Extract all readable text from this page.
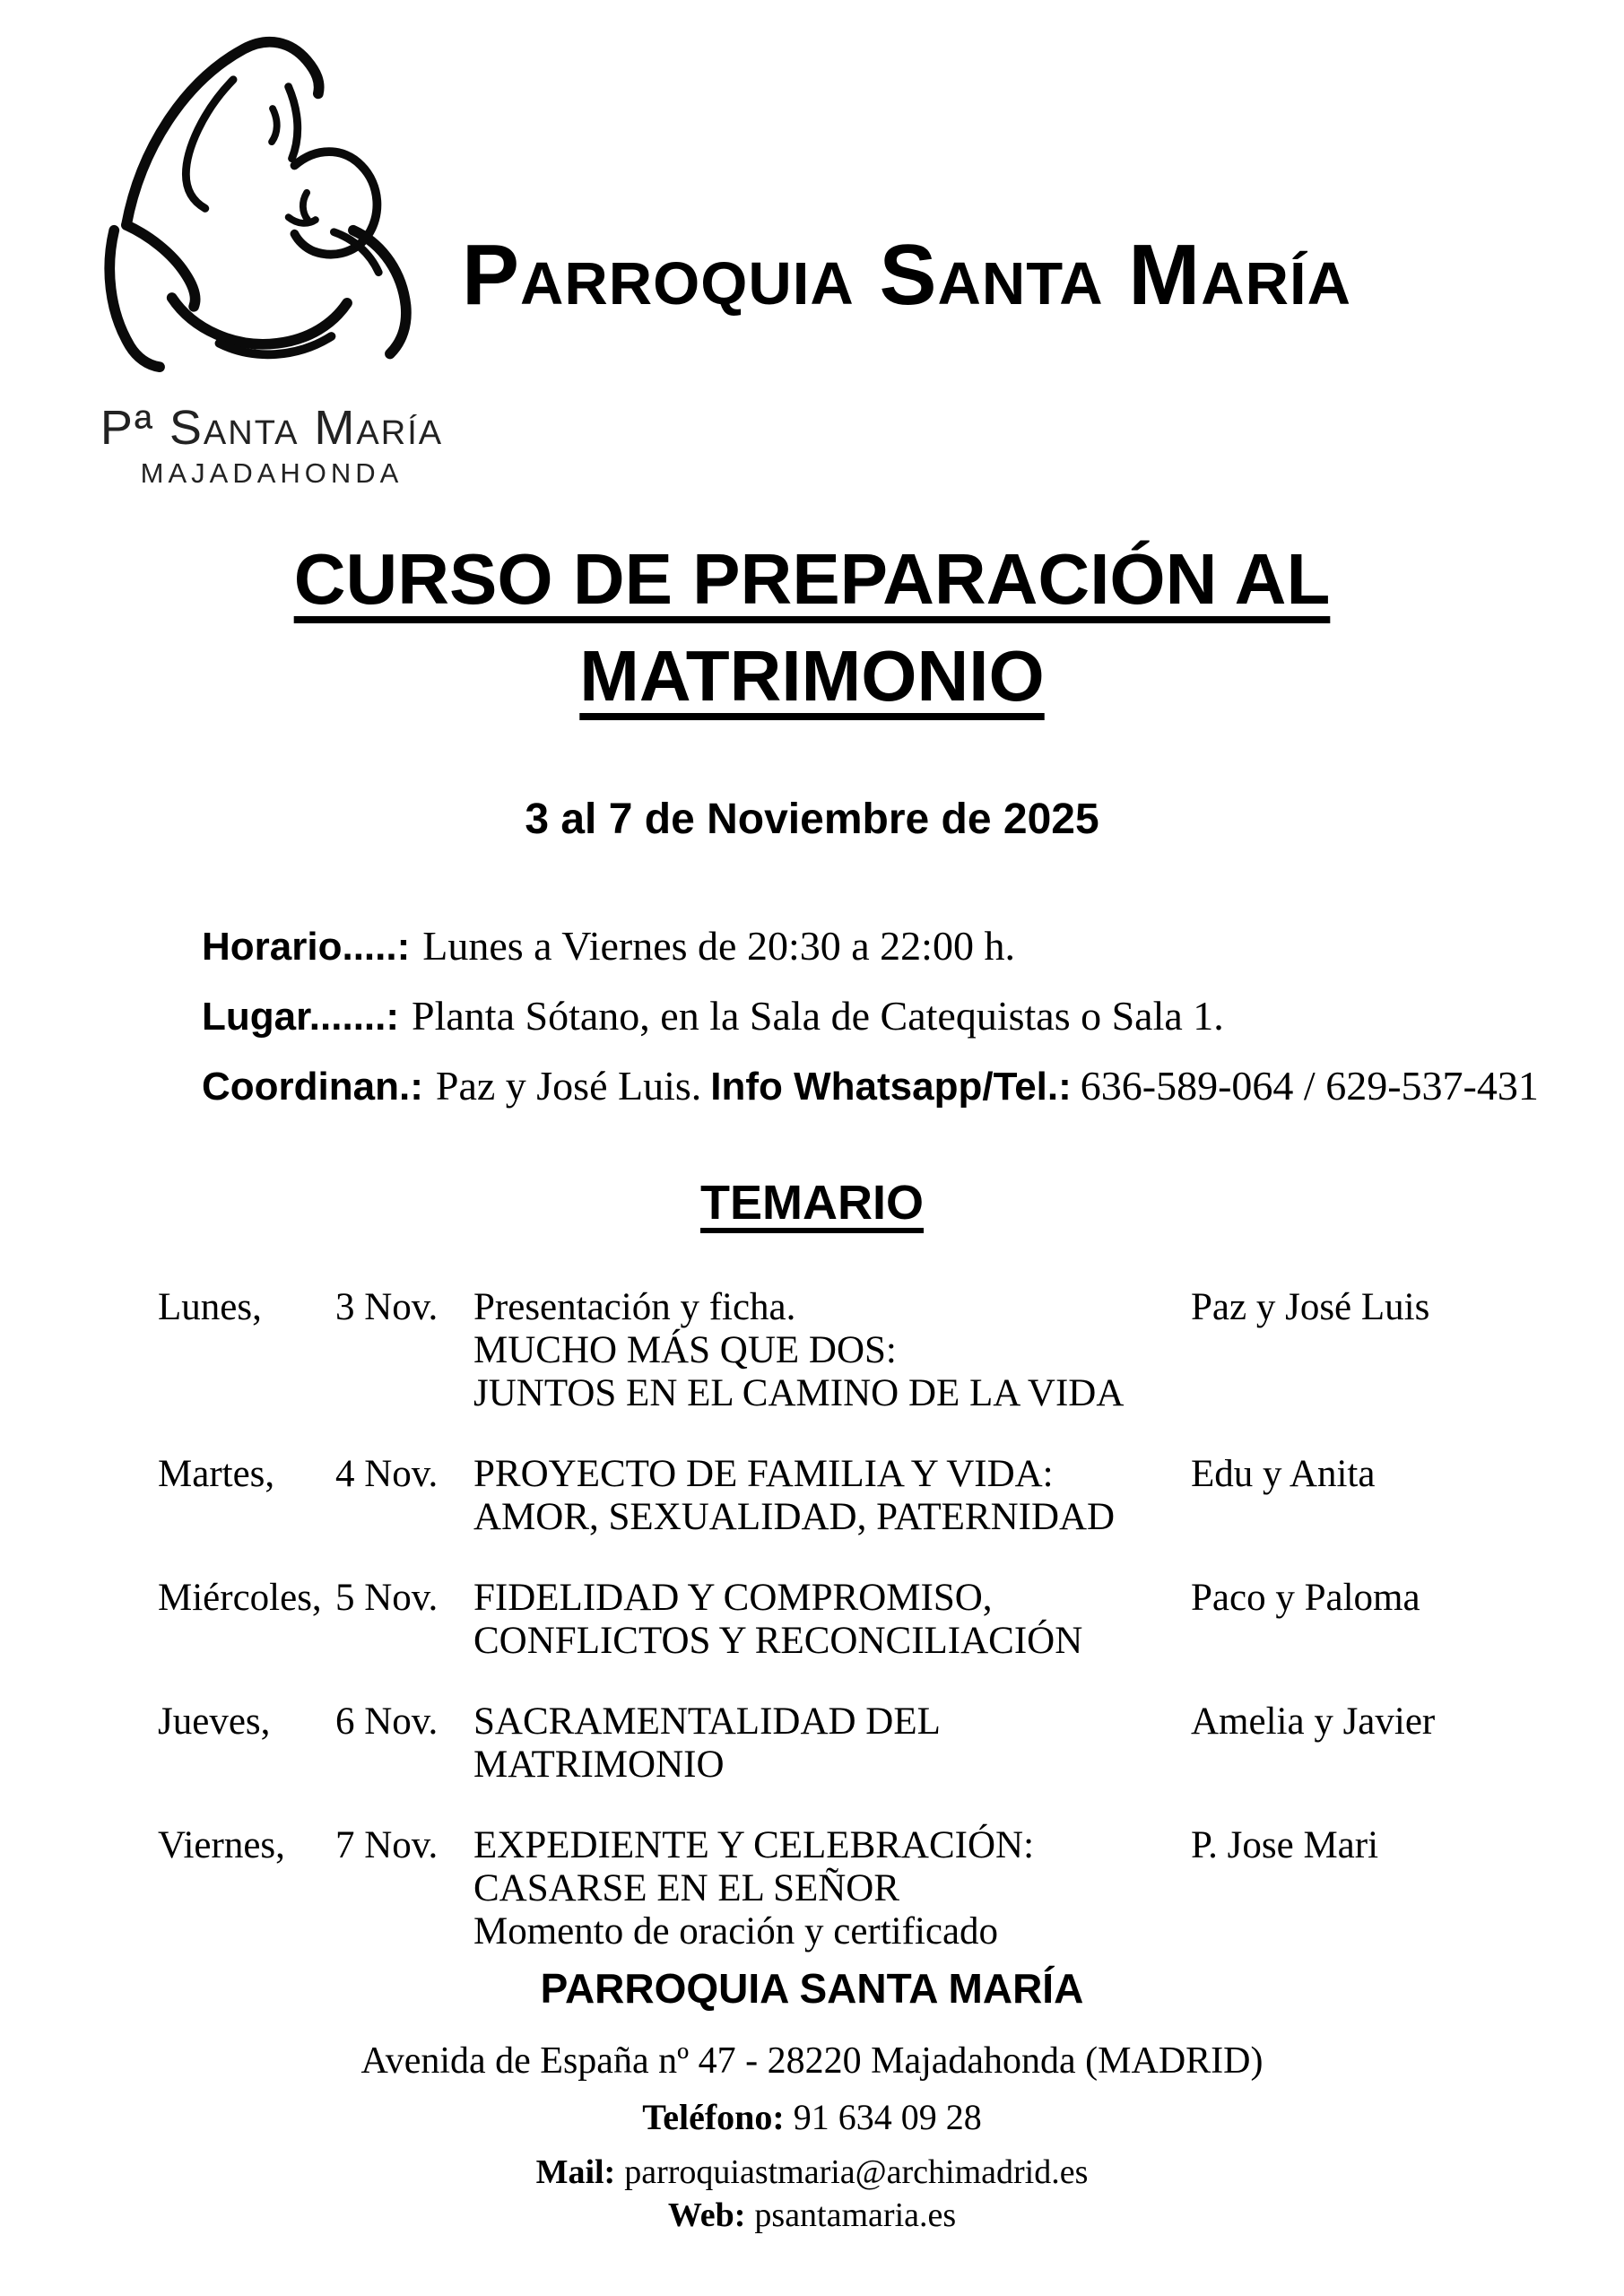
Pª Santa María
MAJADAHONDA
Parroquia Santa María
CURSO DE PREPARACIÓN AL
MATRIMONIO
3 al 7 de Noviembre de 2025
Horario.....: Lunes a Viernes de 20:30 a 22:00 h.
Lugar.......: Planta Sótano, en la Sala de Catequistas o Sala 1.
Coordinan.: Paz y José Luis. Info Whatsapp/Tel.: 636-589-064 / 629-537-431
TEMARIO
Lunes,	3 Nov. Presentación y ficha.
MUCHO MÁS QUE DOS:
JUNTOS EN EL CAMINO DE LA VIDA
Paz y José Luis
Martes,	4 Nov. PROYECTO DE FAMILIA Y VIDA:
AMOR, SEXUALIDAD, PATERNIDAD
Edu y Anita
Miércoles, 5 Nov. FIDELIDAD Y COMPROMISO,
CONFLICTOS Y RECONCILIACIÓN
Paco y Paloma
Jueves,	6 Nov. SACRAMENTALIDAD DEL MATRIMONIO
Amelia y Javier
Viernes,	7 Nov. EXPEDIENTE Y CELEBRACIÓN:
CASARSE EN EL SEÑOR
Momento de oración y certificado
P. Jose Mari
PARROQUIA SANTA MARÍA
Avenida de España nº 47 - 28220 Majadahonda (MADRID)
Teléfono: 91 634 09 28
Mail: parroquiastmaria@archimadrid.es
Web: psantamaria.es
